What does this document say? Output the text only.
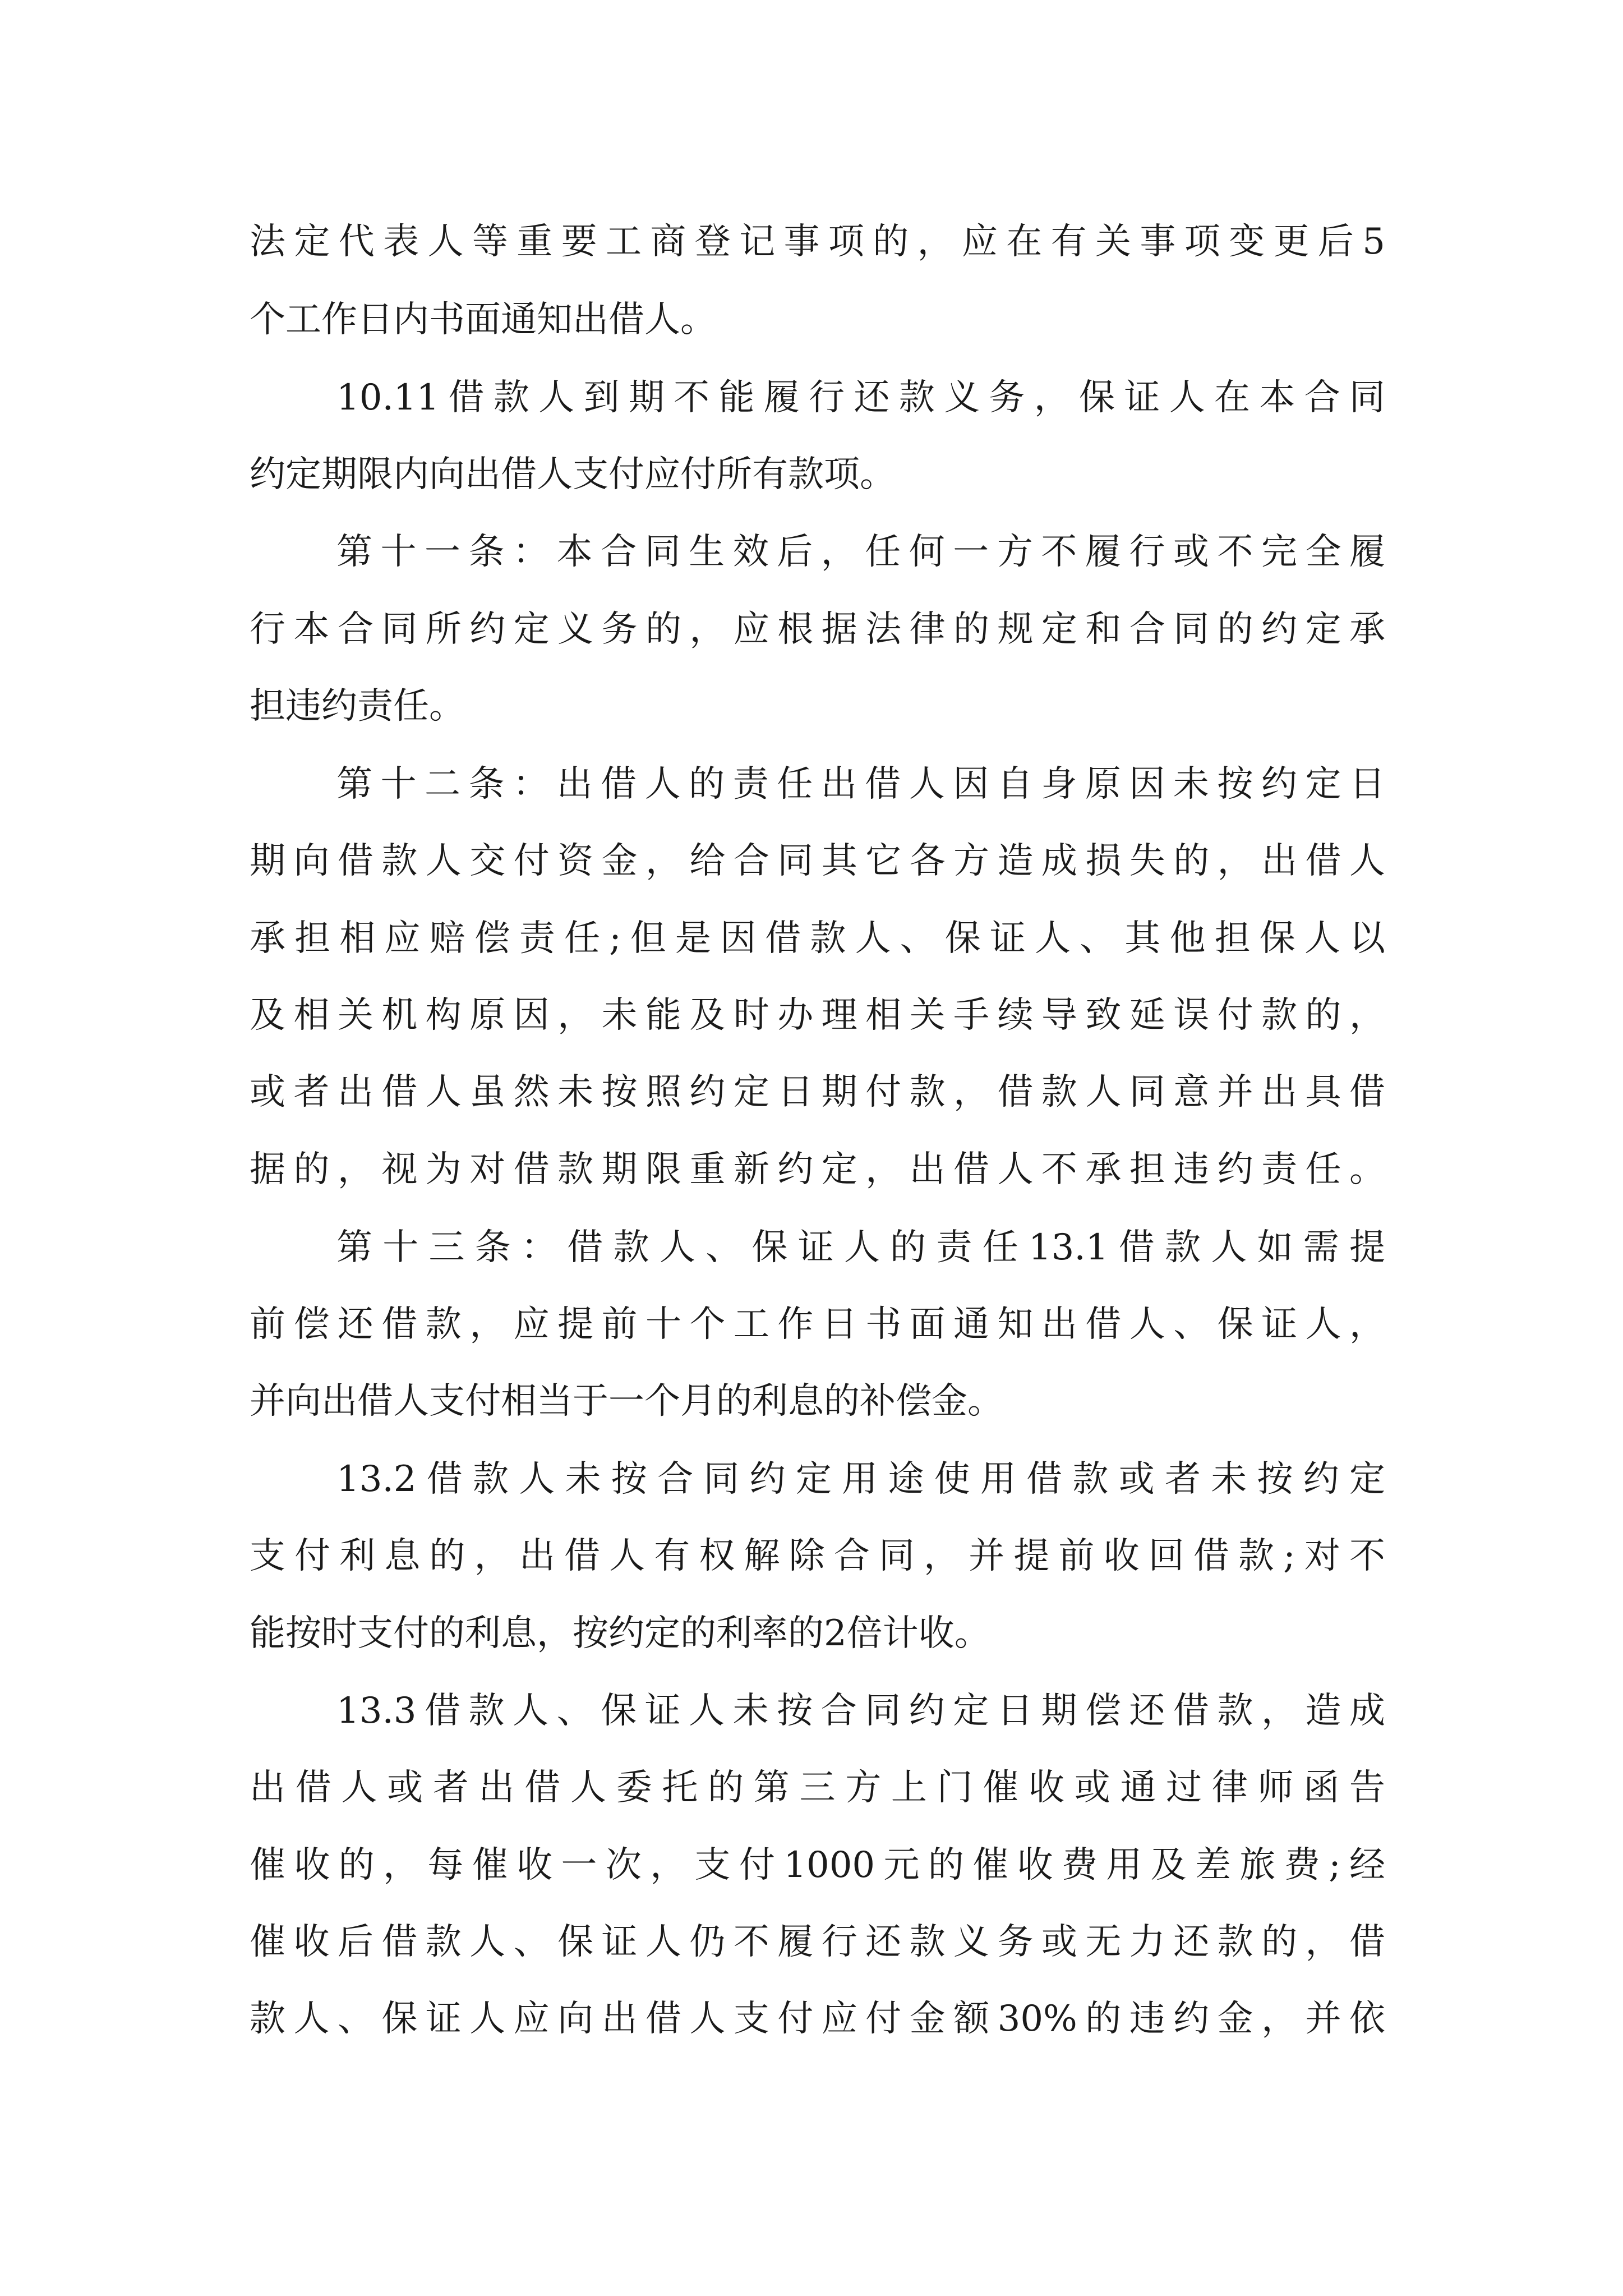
法定代表人等重要工商登记事项的，应在有关事项变更后5
个工作日内书面通知出借人。
10.11借款人到期不能履行还款义务，保证人在本合同
约定期限内向出借人支付应付所有款项。
第十一条：本合同生效后，任何一方不履行或不完全履
行本合同所约定义务的，应根据法律的规定和合同的约定承
担违约责任。
第十二条：出借人的责任出借人因自身原因未按约定日
期向借款人交付资金，给合同其它各方造成损失的，出借人
承担相应赔偿责任;但是因借款人、保证人、其他担保人以
及相关机构原因，未能及时办理相关手续导致延误付款的，
或者出借人虽然未按照约定日期付款，借款人同意并出具借
据的，视为对借款期限重新约定，出借人不承担违约责任。
第十三条：借款人、保证人的责任13.1借款人如需提
前偿还借款，应提前十个工作日书面通知出借人、保证人，
并向出借人支付相当于一个月的利息的补偿金。
13.2借款人未按合同约定用途使用借款或者未按约定
支付利息的，出借人有权解除合同，并提前收回借款;对不
能按时支付的利息，按约定的利率的2倍计收。
13.3借款人、保证人未按合同约定日期偿还借款，造成
出借人或者出借人委托的第三方上门催收或通过律师函告
催收的，每催收一次，支付1000元的催收费用及差旅费;经
催收后借款人、保证人仍不履行还款义务或无力还款的，借
款人、保证人应向出借人支付应付金额30%的违约金，并依
